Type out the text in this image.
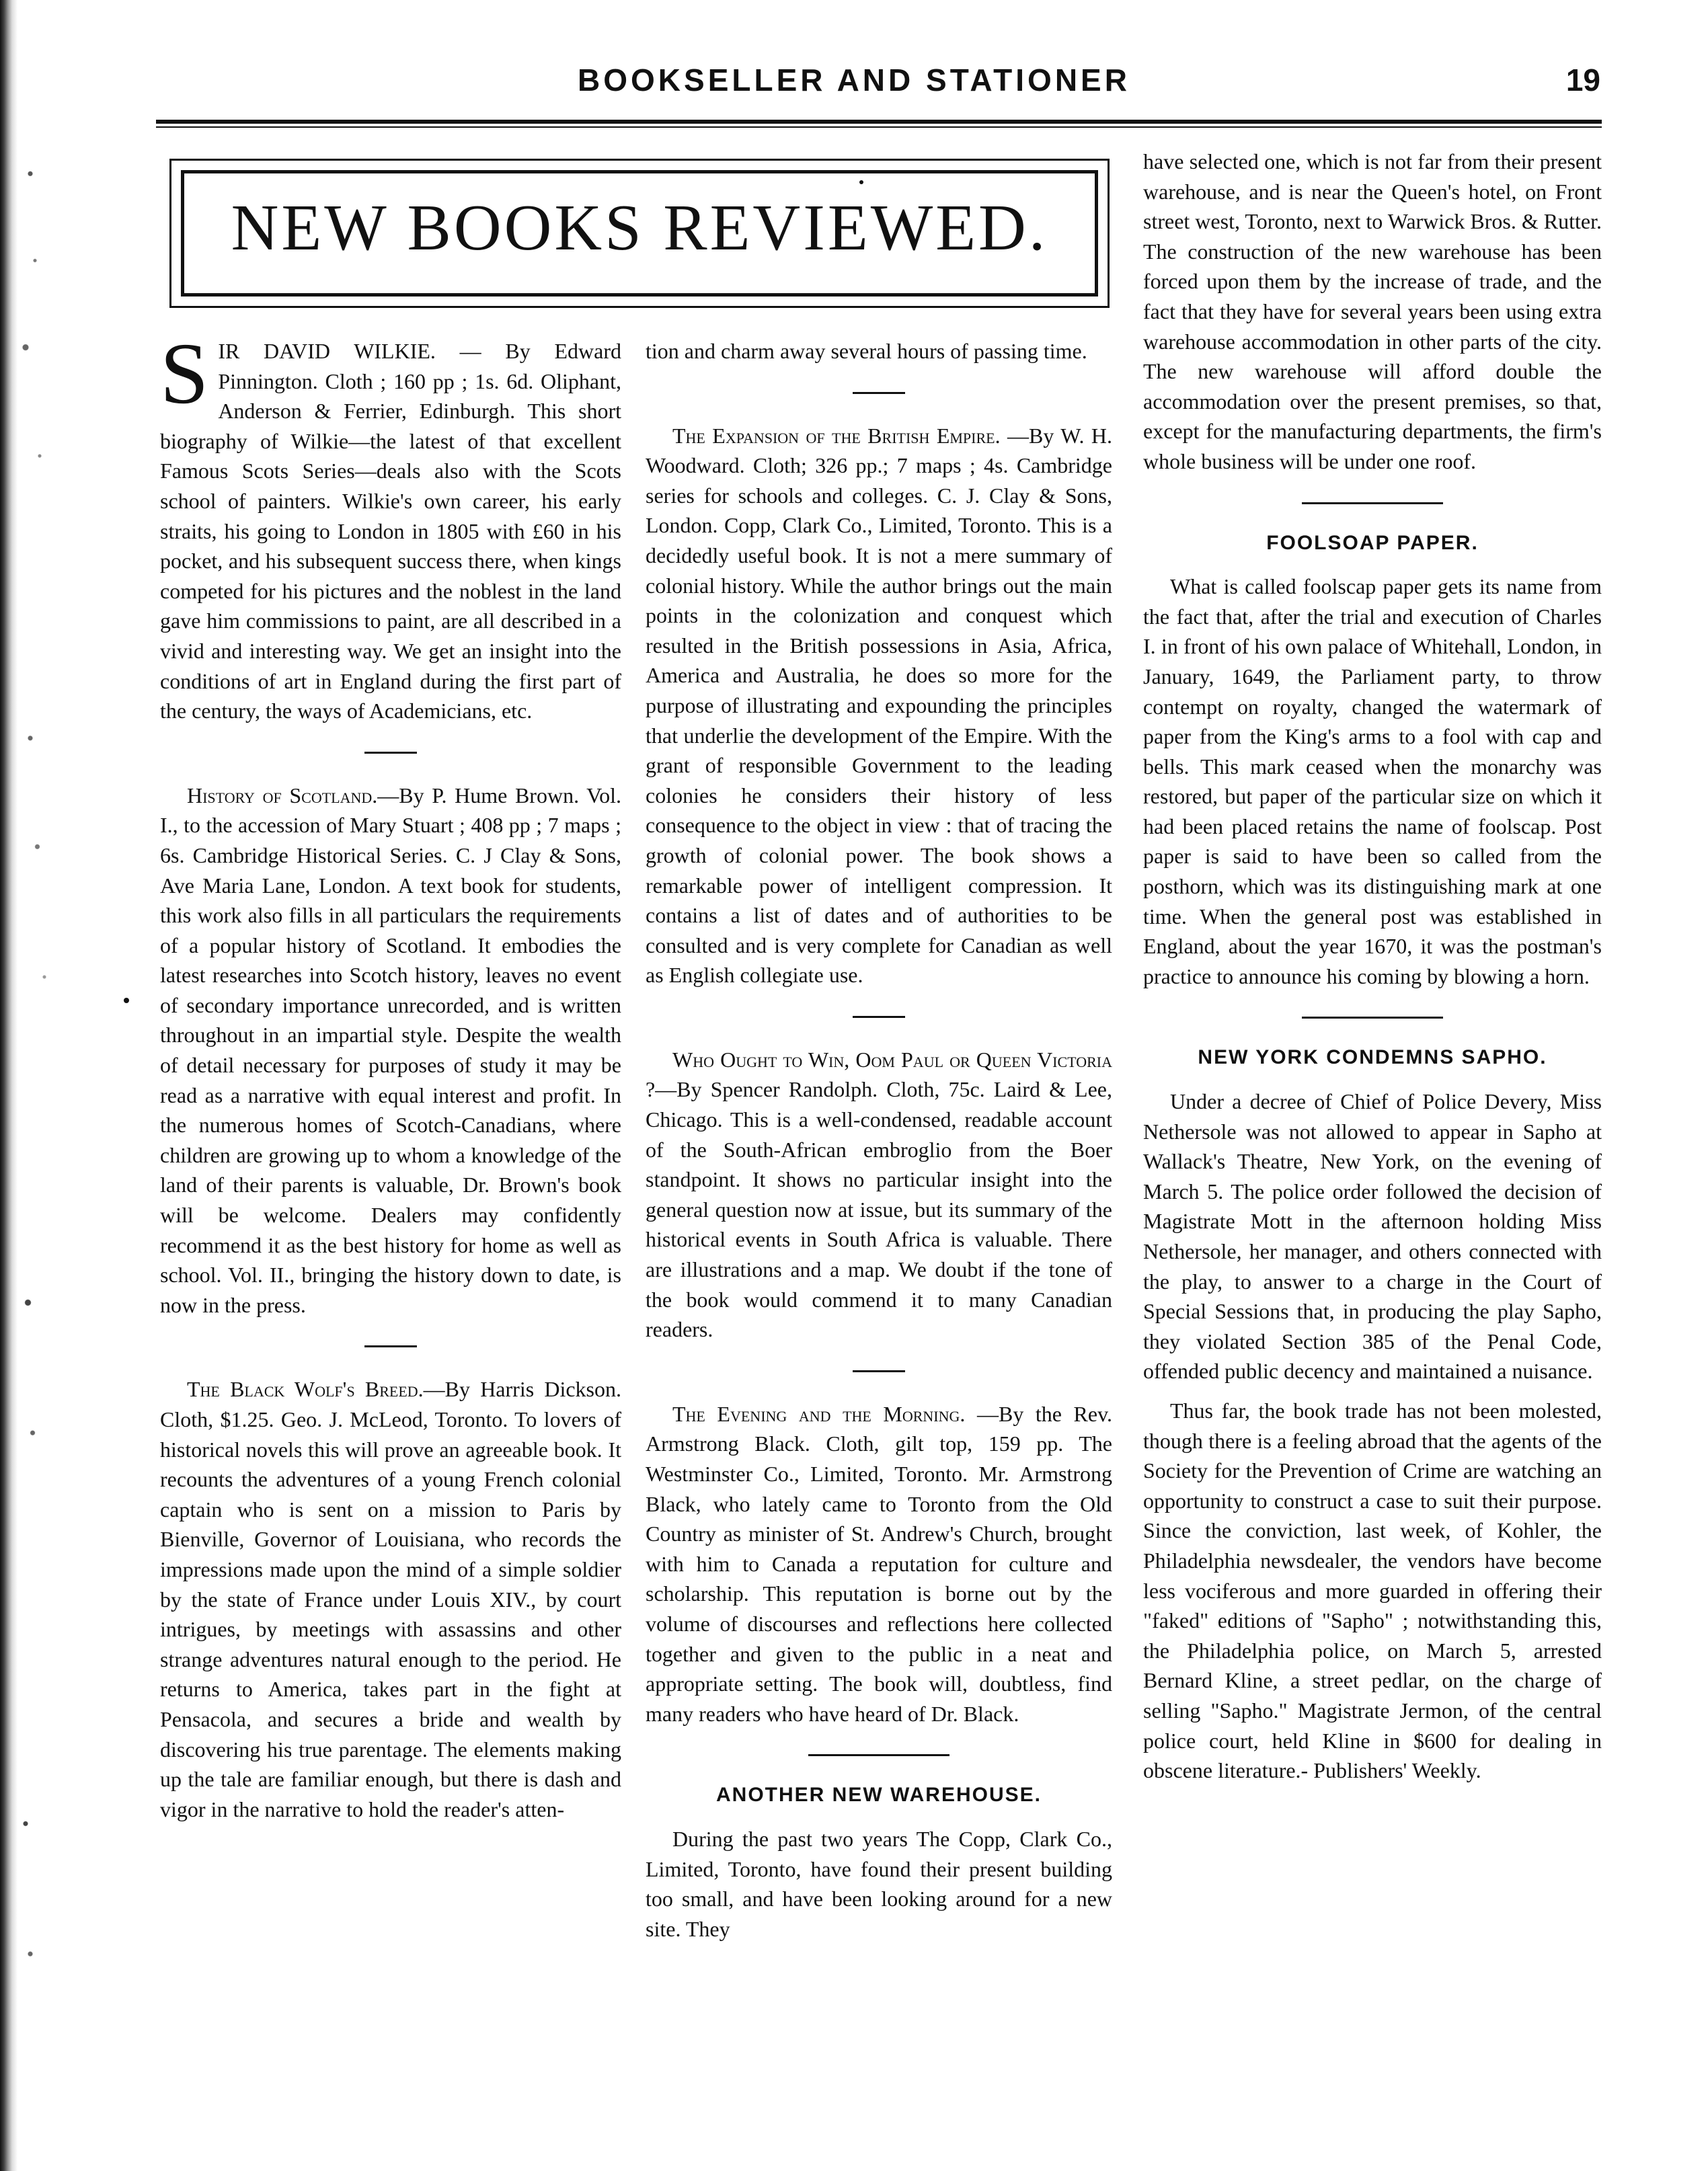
BOOKSELLER AND STATIONER	19
NEW BOOKS REVIEWED.

SIR DAVID WILKIE. — By Edward Pinnington. Cloth ; 160 pp ; 1s. 6d. Oliphant, Anderson & Ferrier, Edinburgh. This short biography of Wilkie—the latest of that excellent Famous Scots Series—deals also with the Scots school of painters. Wilkie's own career, his early straits, his going to London in 1805 with £60 in his pocket, and his subsequent success there, when kings competed for his pictures and the noblest in the land gave him commissions to paint, are all described in a vivid and interesting way. We get an insight into the conditions of art in England during the first part of the century, the ways of Academicians, etc.

History of Scotland.—By P. Hume Brown. Vol. I., to the accession of Mary Stuart ; 408 pp ; 7 maps ; 6s. Cambridge Historical Series. C. J Clay & Sons, Ave Maria Lane, London. A text book for students, this work also fills in all particulars the requirements of a popular history of Scotland. It embodies the latest researches into Scotch history, leaves no event of secondary importance unrecorded, and is written throughout in an impartial style. Despite the wealth of detail necessary for purposes of study it may be read as a narrative with equal interest and profit. In the numerous homes of Scotch-Canadians, where children are growing up to whom a knowledge of the land of their parents is valuable, Dr. Brown's book will be welcome. Dealers may confidently recommend it as the best history for home as well as school. Vol. II., bringing the history down to date, is now in the press.

The Black Wolf's Breed.—By Harris Dickson. Cloth, $1.25. Geo. J. McLeod, Toronto. To lovers of historical novels this will prove an agreeable book. It recounts the adventures of a young French colonial captain who is sent on a mission to Paris by Bienville, Governor of Louisiana, who records the impressions made upon the mind of a simple soldier by the state of France under Louis XIV., by court intrigues, by meetings with assassins and other strange adventures natural enough to the period. He returns to America, takes part in the fight at Pensacola, and secures a bride and wealth by discovering his true parentage. The elements making up the tale are familiar enough, but there is dash and vigor in the narrative to hold the reader's atten-

tion and charm away several hours of passing time.

The Expansion of the British Empire. —By W. H. Woodward. Cloth; 326 pp.; 7 maps ; 4s. Cambridge series for schools and colleges. C. J. Clay & Sons, London. Copp, Clark Co., Limited, Toronto. This is a decidedly useful book. It is not a mere summary of colonial history. While the author brings out the main points in the colonization and conquest which resulted in the British possessions in Asia, Africa, America and Australia, he does so more for the purpose of illustrating and expounding the principles that underlie the development of the Empire. With the grant of responsible Government to the leading colonies he considers their history of less consequence to the object in view : that of tracing the growth of colonial power. The book shows a remarkable power of intelligent compression. It contains a list of dates and of authorities to be consulted and is very complete for Canadian as well as English collegiate use.

Who Ought to Win, Oom Paul or Queen Victoria ?—By Spencer Randolph. Cloth, 75c. Laird & Lee, Chicago. This is a well-condensed, readable account of the South-African embroglio from the Boer standpoint. It shows no particular insight into the general question now at issue, but its summary of the historical events in South Africa is valuable. There are illustrations and a map. We doubt if the tone of the book would commend it to many Canadian readers.

The Evening and the Morning. —By the Rev. Armstrong Black. Cloth, gilt top, 159 pp. The Westminster Co., Limited, Toronto. Mr. Armstrong Black, who lately came to Toronto from the Old Country as minister of St. Andrew's Church, brought with him to Canada a reputation for culture and scholarship. This reputation is borne out by the volume of discourses and reflections here collected together and given to the public in a neat and appropriate setting. The book will, doubtless, find many readers who have heard of Dr. Black.

ANOTHER NEW WAREHOUSE.

During the past two years The Copp, Clark Co., Limited, Toronto, have found their present building too small, and have been looking around for a new site. They

have selected one, which is not far from their present warehouse, and is near the Queen's hotel, on Front street west, Toronto, next to Warwick Bros. & Rutter. The construction of the new warehouse has been forced upon them by the increase of trade, and the fact that they have for several years been using extra warehouse accommodation in other parts of the city. The new warehouse will afford double the accommodation over the present premises, so that, except for the manufacturing departments, the firm's whole business will be under one roof.

FOOLSOAP PAPER.

What is called foolscap paper gets its name from the fact that, after the trial and execution of Charles I. in front of his own palace of Whitehall, London, in January, 1649, the Parliament party, to throw contempt on royalty, changed the watermark of paper from the King's arms to a fool with cap and bells. This mark ceased when the monarchy was restored, but paper of the particular size on which it had been placed retains the name of foolscap. Post paper is said to have been so called from the posthorn, which was its distinguishing mark at one time. When the general post was established in England, about the year 1670, it was the postman's practice to announce his coming by blowing a horn.

NEW YORK CONDEMNS SAPHO.

Under a decree of Chief of Police Devery, Miss Nethersole was not allowed to appear in Sapho at Wallack's Theatre, New York, on the evening of March 5. The police order followed the decision of Magistrate Mott in the afternoon holding Miss Nethersole, her manager, and others connected with the play, to answer to a charge in the Court of Special Sessions that, in producing the play Sapho, they violated Section 385 of the Penal Code, offended public decency and maintained a nuisance.

Thus far, the book trade has not been molested, though there is a feeling abroad that the agents of the Society for the Prevention of Crime are watching an opportunity to construct a case to suit their purpose. Since the conviction, last week, of Kohler, the Philadelphia newsdealer, the vendors have become less vociferous and more guarded in offering their "faked" editions of "Sapho" ; notwithstanding this, the Philadelphia police, on March 5, arrested Bernard Kline, a street pedlar, on the charge of selling "Sapho." Magistrate Jermon, of the central police court, held Kline in $600 for dealing in obscene literature.- Publishers' Weekly.
